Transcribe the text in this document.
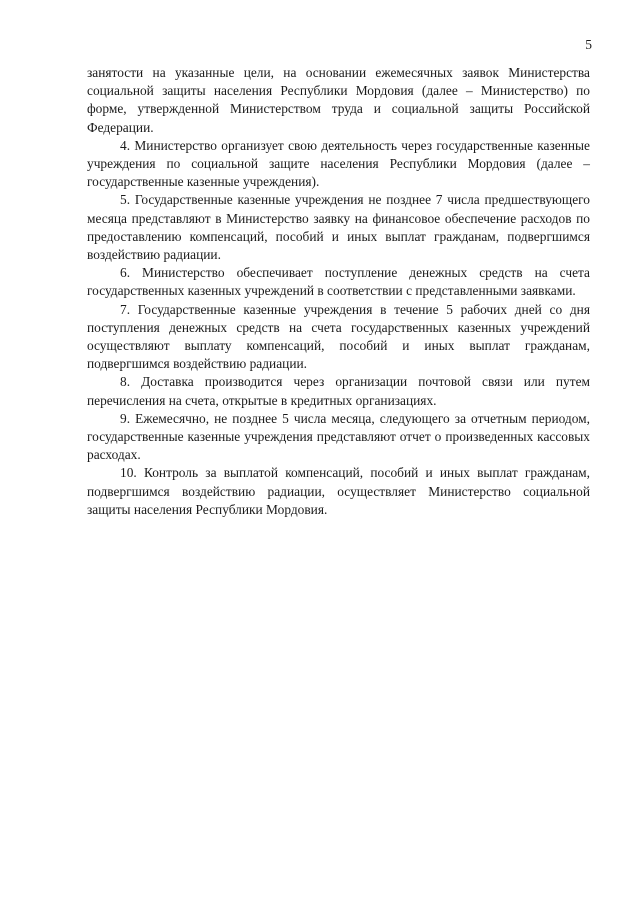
5

занятости на указанные цели, на основании ежемесячных заявок Министерства социальной защиты населения Республики Мордовия (далее – Министерство) по форме, утвержденной Министерством труда и социальной защиты Российской Федерации.

4. Министерство организует свою деятельность через государственные казенные учреждения по социальной защите населения Республики Мордовия (далее – государственные казенные учреждения).

5. Государственные казенные учреждения не позднее 7 числа предшествующего месяца представляют в Министерство заявку на финансовое обеспечение расходов по предоставлению компенсаций, пособий и иных выплат гражданам, подвергшимся воздействию радиации.

6. Министерство обеспечивает поступление денежных средств на счета государственных казенных учреждений в соответствии с представленными заявками.

7. Государственные казенные учреждения в течение 5 рабочих дней со дня поступления денежных средств на счета государственных казенных учреждений осуществляют выплату компенсаций, пособий и иных выплат гражданам, подвергшимся воздействию радиации.

8. Доставка производится через организации почтовой связи или путем перечисления на счета, открытые в кредитных организациях.

9. Ежемесячно, не позднее 5 числа месяца, следующего за отчетным периодом, государственные казенные учреждения представляют отчет о произведенных кассовых расходах.

10. Контроль за выплатой компенсаций, пособий и иных выплат гражданам, подвергшимся воздействию радиации, осуществляет Министерство социальной защиты населения Республики Мордовия.
